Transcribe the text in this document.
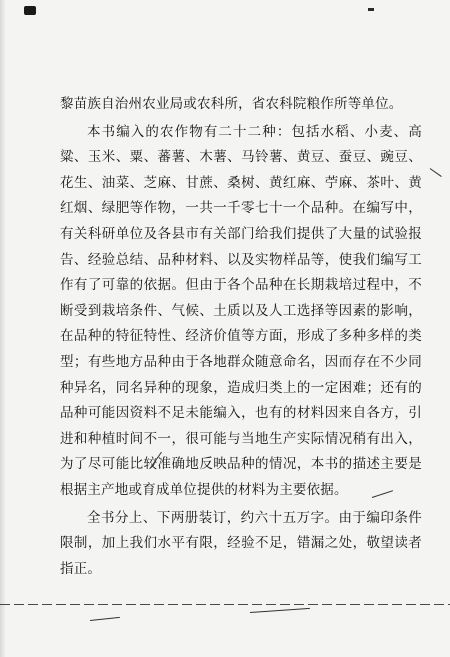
黎苗族自治州农业局或农科所，省农科院粮作所等单位。
本书编入的农作物有二十二种：包括水稻、小麦、高
粱、玉米、粟、蕃薯、木薯、马铃薯、黄豆、蚕豆、豌豆、
花生、油菜、芝麻、甘蔗、桑树、黄红麻、苧麻、茶叶、黄
红烟、绿肥等作物，一共一千零七十一个品种。在编写中，
有关科研单位及各县市有关部门给我们提供了大量的试验报
告、经验总结、品种材料、以及实物样品等，使我们编写工
作有了可靠的依据。但由于各个品种在长期栽培过程中，不
断受到栽培条件、气候、土质以及人工选择等因素的影响，
在品种的特征特性、经济价值等方面，形成了多种多样的类
型；有些地方品种由于各地群众随意命名，因而存在不少同
种异名，同名异种的现象，造成归类上的一定困难；还有的
品种可能因资料不足未能编入，也有的材料因来自各方，引
进和种植时间不一，很可能与当地生产实际情况稍有出入，
为了尽可能比较准确地反映品种的情况，本书的描述主要是
根据主产地或育成单位提供的材料为主要依据。
全书分上、下两册装订，约六十五万字。由于编印条件
限制，加上我们水平有限，经验不足，错漏之处，敬望读者
指正。
